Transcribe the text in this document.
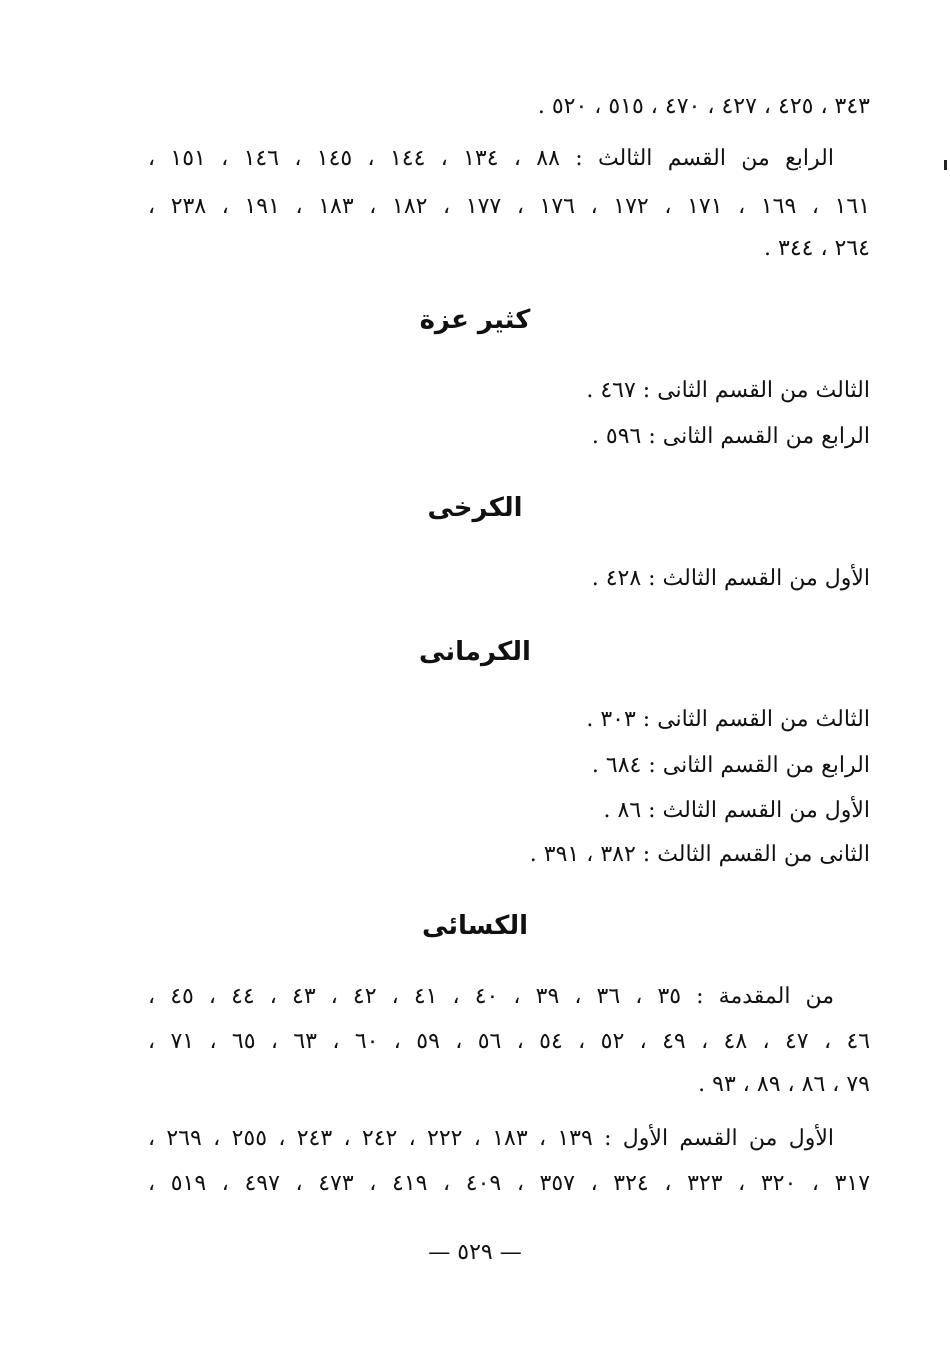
٣٤٣ ، ٤٢٥ ، ٤٢٧ ، ٤٧٠ ، ٥١٥ ، ٥٢٠ .
الرابع من القسم الثالث : ٨٨ ، ١٣٤ ، ١٤٤ ، ١٤٥ ، ١٤٦ ، ١٥١ ،
١٦١ ، ١٦٩ ، ١٧١ ، ١٧٢ ، ١٧٦ ، ١٧٧ ، ١٨٢ ، ١٨٣ ، ١٩١ ، ٢٣٨ ،
٢٦٤ ، ٣٤٤ .
كثير عزة
الثالث من القسم الثانى : ٤٦٧ .
الرابع من القسم الثانى : ٥٩٦ .
الكرخى
الأول من القسم الثالث : ٤٢٨ .
الكرمانى
الثالث من القسم الثانى : ٣٠٣ .
الرابع من القسم الثانى : ٦٨٤ .
الأول من القسم الثالث : ٨٦ .
الثانى من القسم الثالث : ٣٨٢ ، ٣٩١ .
الكسائى
من المقدمة : ٣٥ ، ٣٦ ، ٣٩ ، ٤٠ ، ٤١ ، ٤٢ ، ٤٣ ، ٤٤ ، ٤٥ ،
٤٦ ، ٤٧ ، ٤٨ ، ٤٩ ، ٥٢ ، ٥٤ ، ٥٦ ، ٥٩ ، ٦٠ ، ٦٣ ، ٦٥ ، ٧١ ،
٧٩ ، ٨٦ ، ٨٩ ، ٩٣ .
الأول من القسم الأول : ١٣٩ ، ١٨٣ ، ٢٢٢ ، ٢٤٢ ، ٢٤٣ ، ٢٥٥ ، ٢٦٩ ،
٣١٧ ، ٣٢٠ ، ٣٢٣ ، ٣٢٤ ، ٣٥٧ ، ٤٠٩ ، ٤١٩ ، ٤٧٣ ، ٤٩٧ ، ٥١٩ ،
— ٥٢٩ —
